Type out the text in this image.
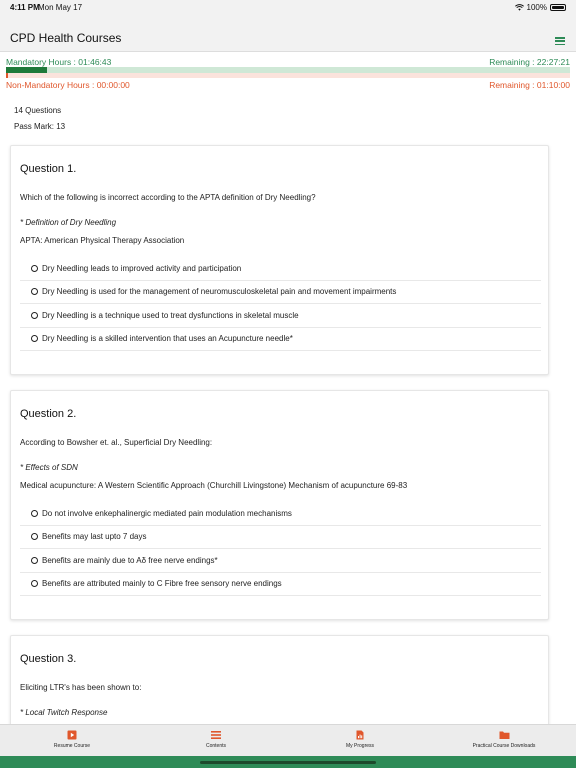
4:11 PM
Mon May 17	100%
CPD Health Courses
Mandatory Hours : 01:46:43	Remaining : 22:27:21
Non-Mandatory Hours : 00:00:00	Remaining : 01:10:00
14 Questions
Pass Mark: 13
Question 1.
Which of the following is incorrect according to the APTA definition of Dry Needling?
* Definition of Dry Needling
APTA: American Physical Therapy Association
Dry Needling leads to improved activity and participation
Dry Needling is used for the management of neuromusculoskeletal pain and movement impairments
Dry Needling is a technique used to treat dysfunctions in skeletal muscle
Dry Needling is a skilled intervention that uses an Acupuncture needle*
Question 2.
According to Bowsher et. al., Superficial Dry Needling:
* Effects of SDN
Medical acupuncture: A Western Scientific Approach (Churchill Livingstone) Mechanism of acupuncture 69-83
Do not involve enkephalinergic mediated pain modulation mechanisms
Benefits may last upto 7 days
Benefits are mainly due to Aδ free nerve endings*
Benefits are attributed mainly to C Fibre free sensory nerve endings
Question 3.
Eliciting LTR's has been shown to:
* Local Twitch Response
Resume Course	Contents	My Progress	Practical Course Downloads
